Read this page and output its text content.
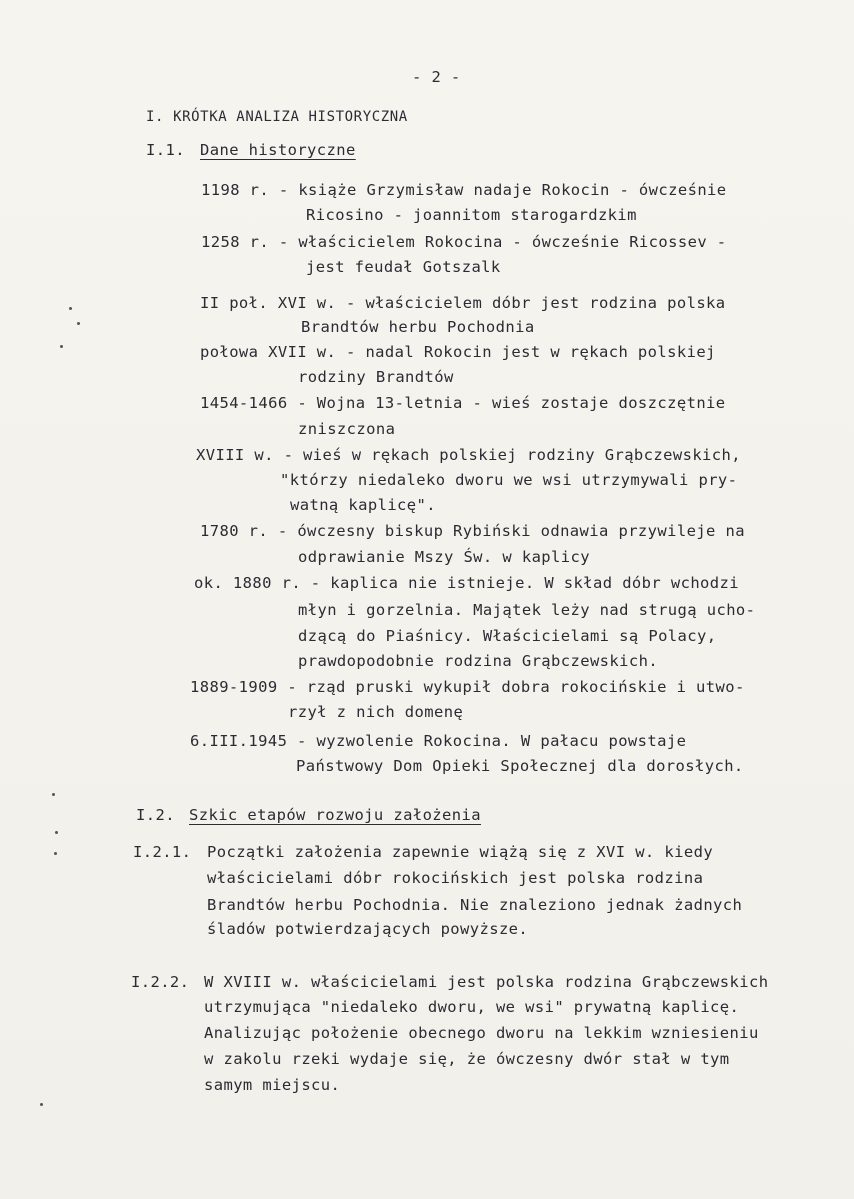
- 2 -
I. KRÓTKA ANALIZA HISTORYCZNA
I.1. Dane historyczne
1198 r. - książe Grzymisław nadaje Rokocin - ówcześnie
Ricosino - joannitom starogardzkim
1258 r. - właścicielem Rokocina - ówcześnie Ricossev -
jest feudał Gotszalk
II poł. XVI w. - właścicielem dóbr jest rodzina polska
Brandtów herbu Pochodnia
połowa XVII w. - nadal Rokocin jest w rękach polskiej
rodziny Brandtów
1454-1466 - Wojna 13-letnia - wieś zostaje doszczętnie
zniszczona
XVIII w. - wieś w rękach polskiej rodziny Grąbczewskich,
"którzy niedaleko dworu we wsi utrzymywali pry-
watną kaplicę".
1780 r. - ówczesny biskup Rybiński odnawia przywileje na
odprawianie Mszy Św. w kaplicy
ok. 1880 r. - kaplica nie istnieje. W skład dóbr wchodzi
młyn i gorzelnia. Majątek leży nad strugą ucho-
dzącą do Piaśnicy. Właścicielami są Polacy,
prawdopodobnie rodzina Grąbczewskich.
1889-1909 - rząd pruski wykupił dobra rokocińskie i utwo-
rzył z nich domenę
6.III.1945 - wyzwolenie Rokocina. W pałacu powstaje
Państwowy Dom Opieki Społecznej dla dorosłych.
I.2. Szkic etapów rozwoju założenia
I.2.1. Początki założenia zapewnie wiążą się z XVI w. kiedy
właścicielami dóbr rokocińskich jest polska rodzina
Brandtów herbu Pochodnia. Nie znaleziono jednak żadnych
śladów potwierdzających powyższe.
I.2.2. W XVIII w. właścicielami jest polska rodzina Grąbczewskich
utrzymująca "niedaleko dworu, we wsi" prywatną kaplicę.
Analizując położenie obecnego dworu na lekkim wzniesieniu
w zakolu rzeki wydaje się, że ówczesny dwór stał w tym
samym miejscu.
